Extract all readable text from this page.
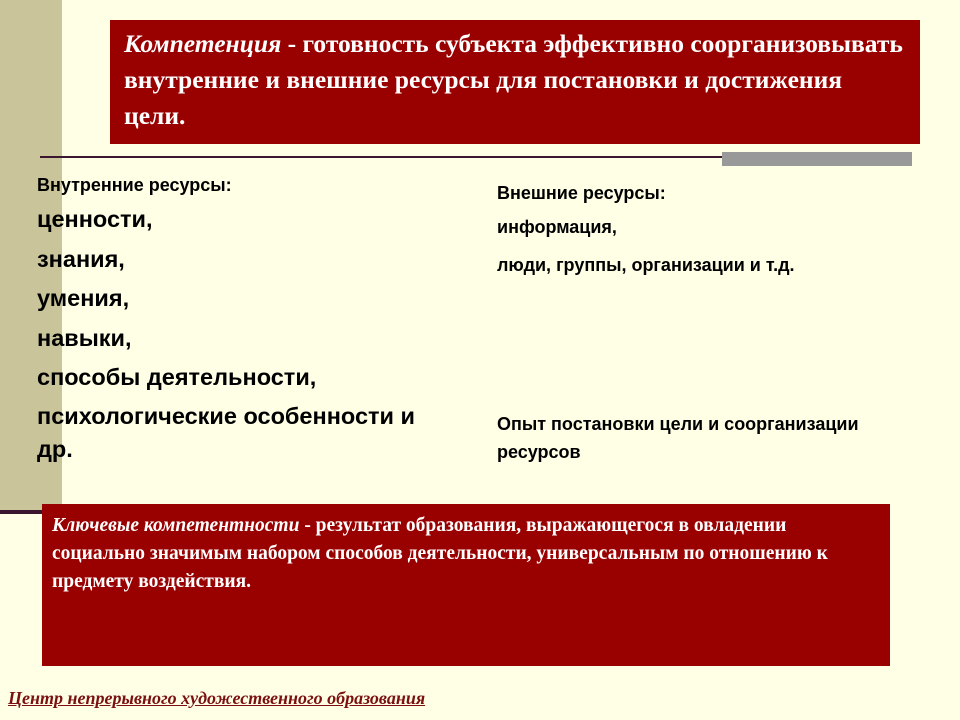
Компетенция - готовность субъекта эффективно соорганизовывать внутренние и внешние ресурсы для постановки и достижения цели.
Внутренние ресурсы:
ценности,
знания,
умения,
навыки,
способы деятельности,
психологические особенности и др.
Внешние ресурсы:
информация,
люди, группы, организации и т.д.
Опыт постановки цели и соорганизации ресурсов
Ключевые компетентности - результат образования, выражающегося в овладении социально значимым набором способов деятельности, универсальным по отношению к предмету воздействия.
Центр непрерывного художественного образования
